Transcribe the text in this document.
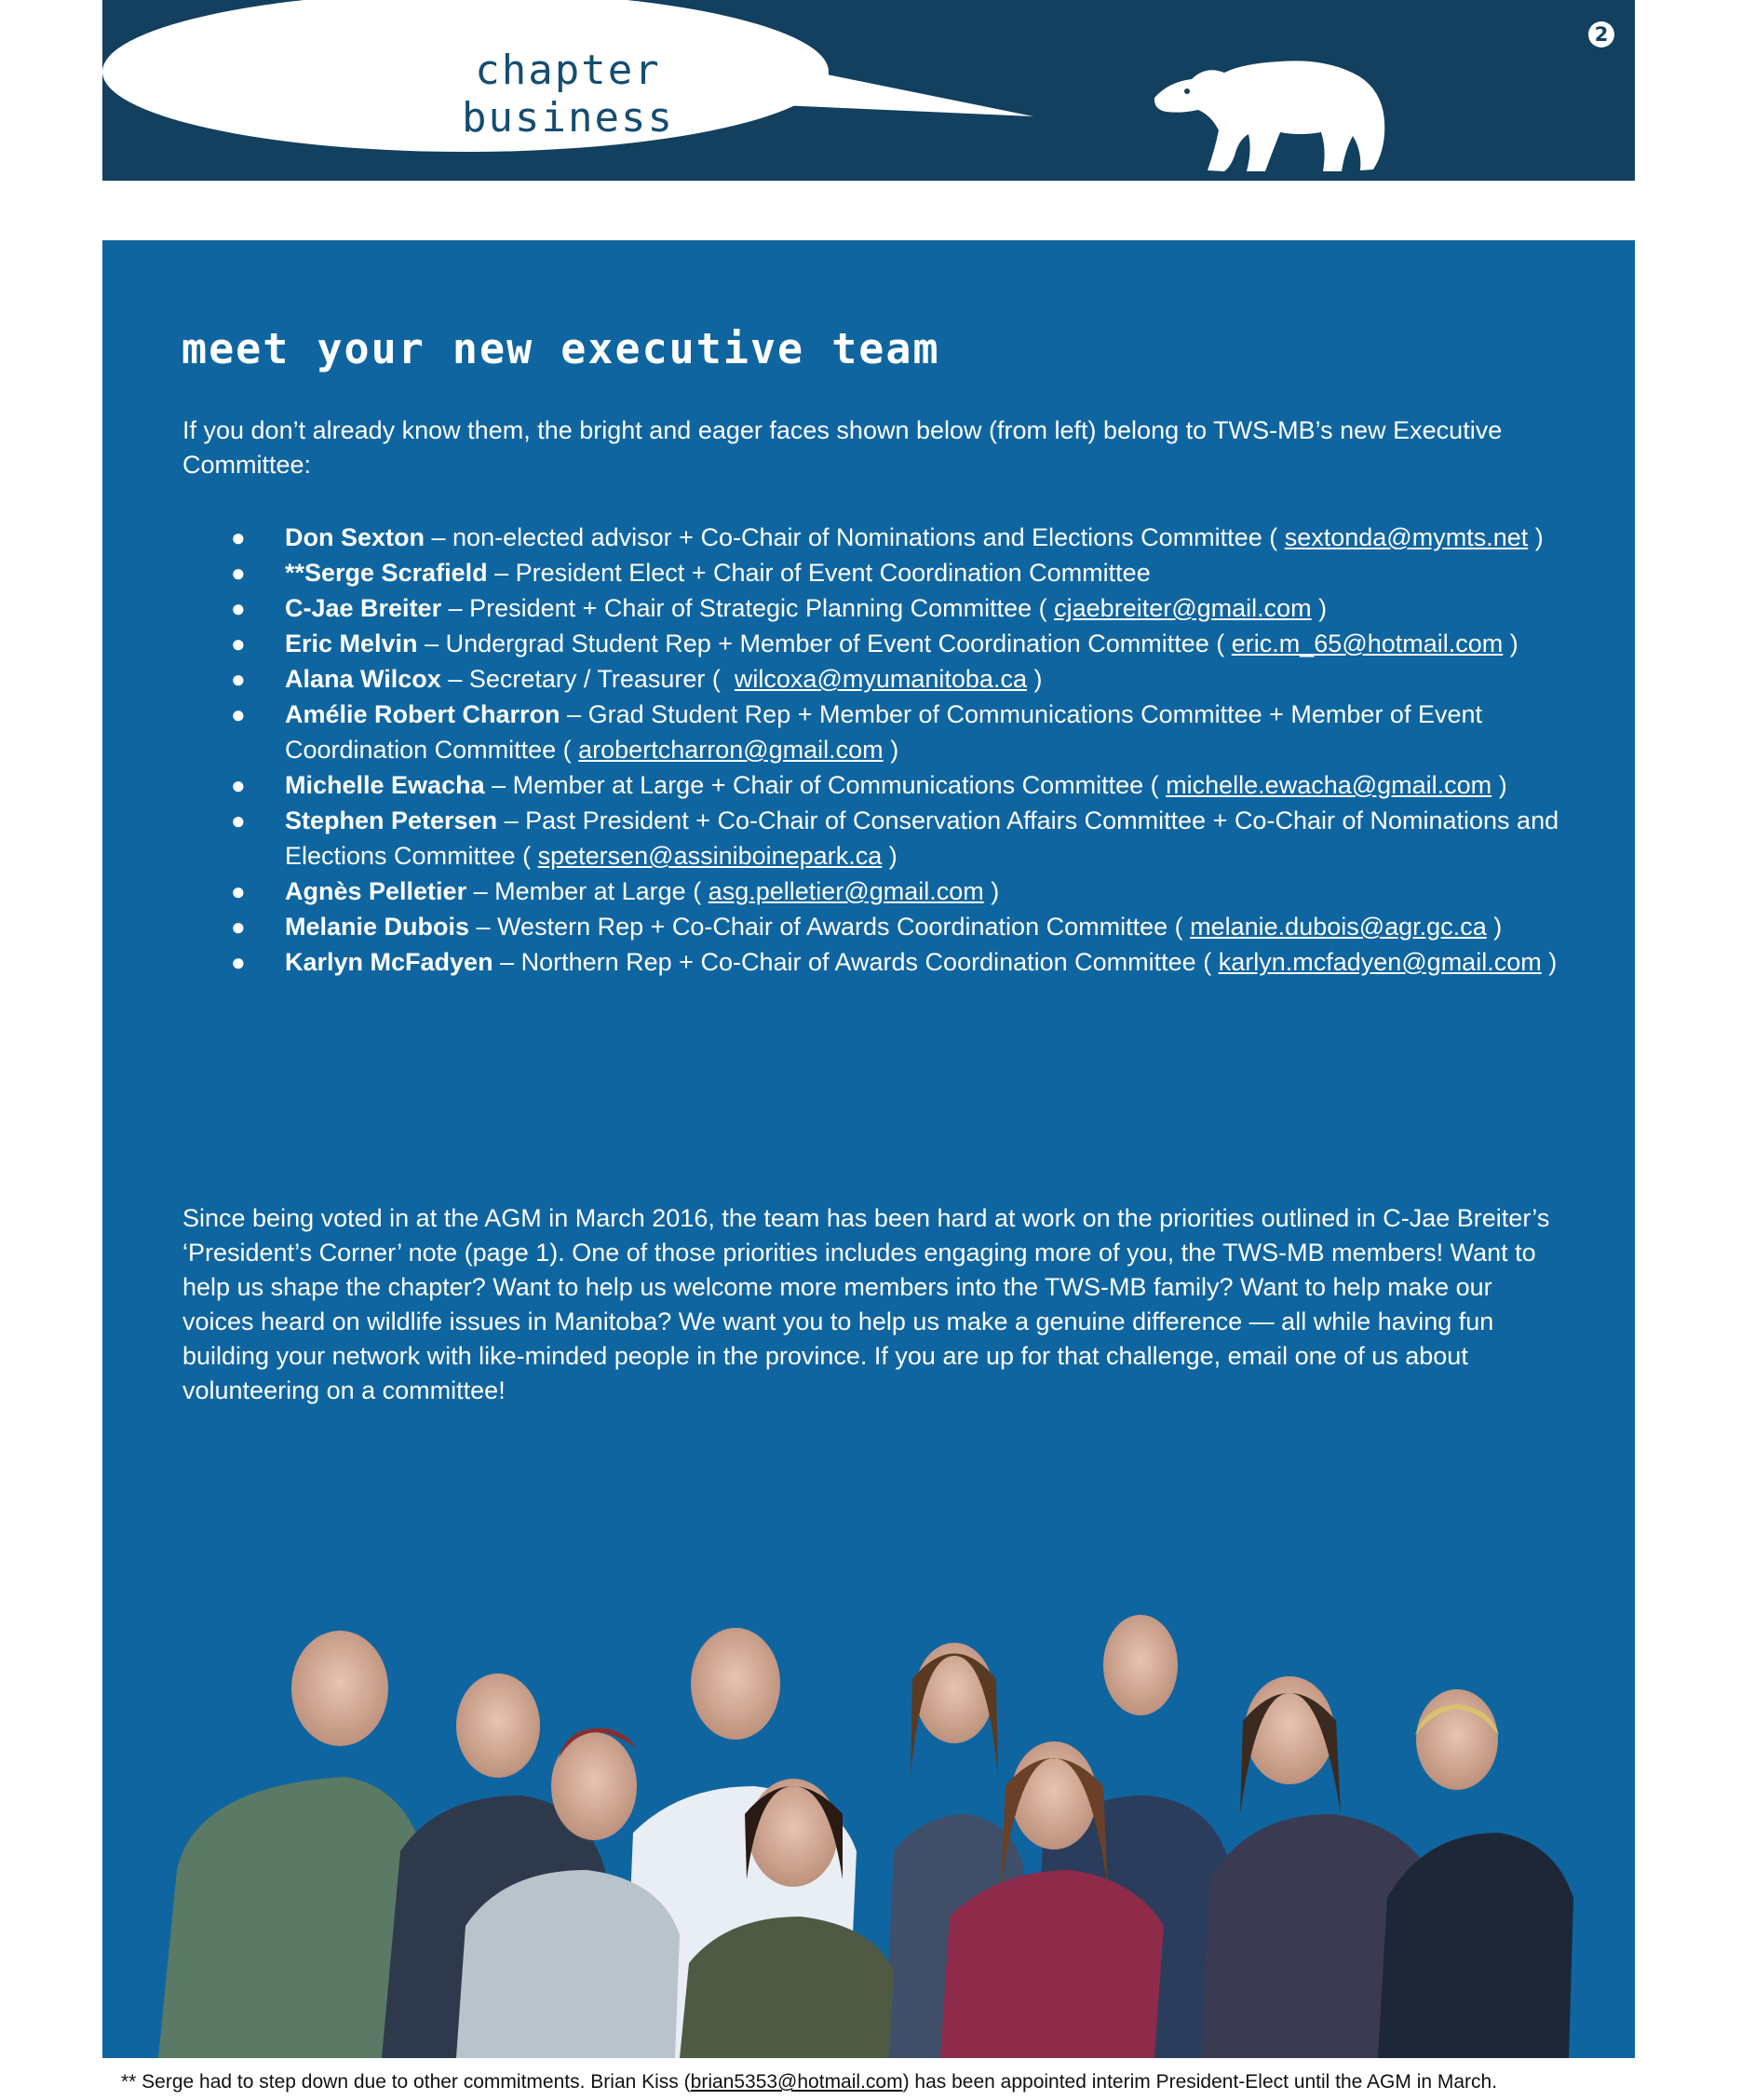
chapter business
2
meet your new executive team

If you don’t already know them, the bright and eager faces shown below (from left) belong to TWS-MB’s new Executive Committee:

● Don Sexton – non-elected advisor + Co-Chair of Nominations and Elections Committee ( sextonda@mymts.net )
● **Serge Scrafield – President Elect + Chair of Event Coordination Committee
● C-Jae Breiter – President + Chair of Strategic Planning Committee ( cjaebreiter@gmail.com )
● Eric Melvin – Undergrad Student Rep + Member of Event Coordination Committee ( eric.m_65@hotmail.com )
● Alana Wilcox – Secretary / Treasurer (  wilcoxa@myumanitoba.ca )
● Amélie Robert Charron – Grad Student Rep + Member of Communications Committee + Member of Event Coordination Committee ( arobertcharron@gmail.com )
● Michelle Ewacha – Member at Large + Chair of Communications Committee ( michelle.ewacha@gmail.com )
● Stephen Petersen – Past President + Co-Chair of Conservation Affairs Committee + Co-Chair of Nominations and Elections Committee ( spetersen@assiniboinepark.ca )
● Agnès Pelletier – Member at Large ( asg.pelletier@gmail.com )
● Melanie Dubois – Western Rep + Co-Chair of Awards Coordination Committee ( melanie.dubois@agr.gc.ca )
● Karlyn McFadyen – Northern Rep + Co-Chair of Awards Coordination Committee ( karlyn.mcfadyen@gmail.com )

Since being voted in at the AGM in March 2016, the team has been hard at work on the priorities outlined in C-Jae Breiter’s ‘President’s Corner’ note (page 1). One of those priorities includes engaging more of you, the TWS-MB members! Want to help us shape the chapter? Want to help us welcome more members into the TWS-MB family? Want to help make our voices heard on wildlife issues in Manitoba? We want you to help us make a genuine difference — all while having fun building your network with like-minded people in the province. If you are up for that challenge, email one of us about volunteering on a committee!

** Serge had to step down due to other commitments. Brian Kiss (brian5353@hotmail.com) has been appointed interim President-Elect until the AGM in March.
